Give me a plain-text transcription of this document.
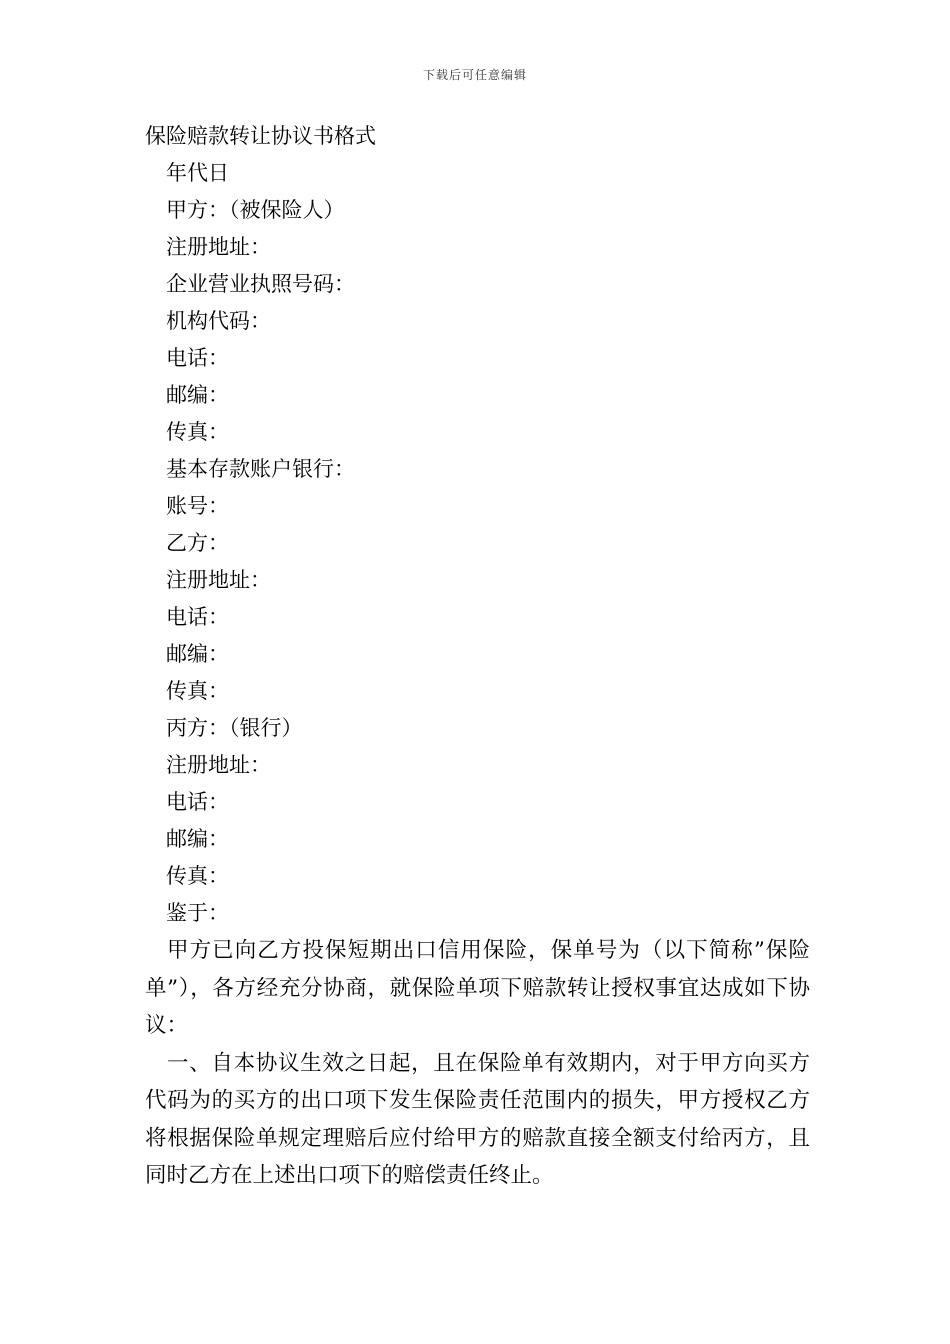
下载后可任意编辑
保险赔款转让协议书格式
年代日
甲方：（被保险人）
注册地址：
企业营业执照号码：
机构代码：
电话：
邮编：
传真：
基本存款账户银行：
账号：
乙方：
注册地址：
电话：
邮编：
传真：
丙方：（银行）
注册地址：
电话：
邮编：
传真：
鉴于：

甲方已向乙方投保短期出口信用保险，保单号为（以下简称”保险单”），各方经充分协商，就保险单项下赔款转让授权事宜达成如下协议：

一、自本协议生效之日起，且在保险单有效期内，对于甲方向买方代码为的买方的出口项下发生保险责任范围内的损失，甲方授权乙方将根据保险单规定理赔后应付给甲方的赔款直接全额支付给丙方，且同时乙方在上述出口项下的赔偿责任终止。
